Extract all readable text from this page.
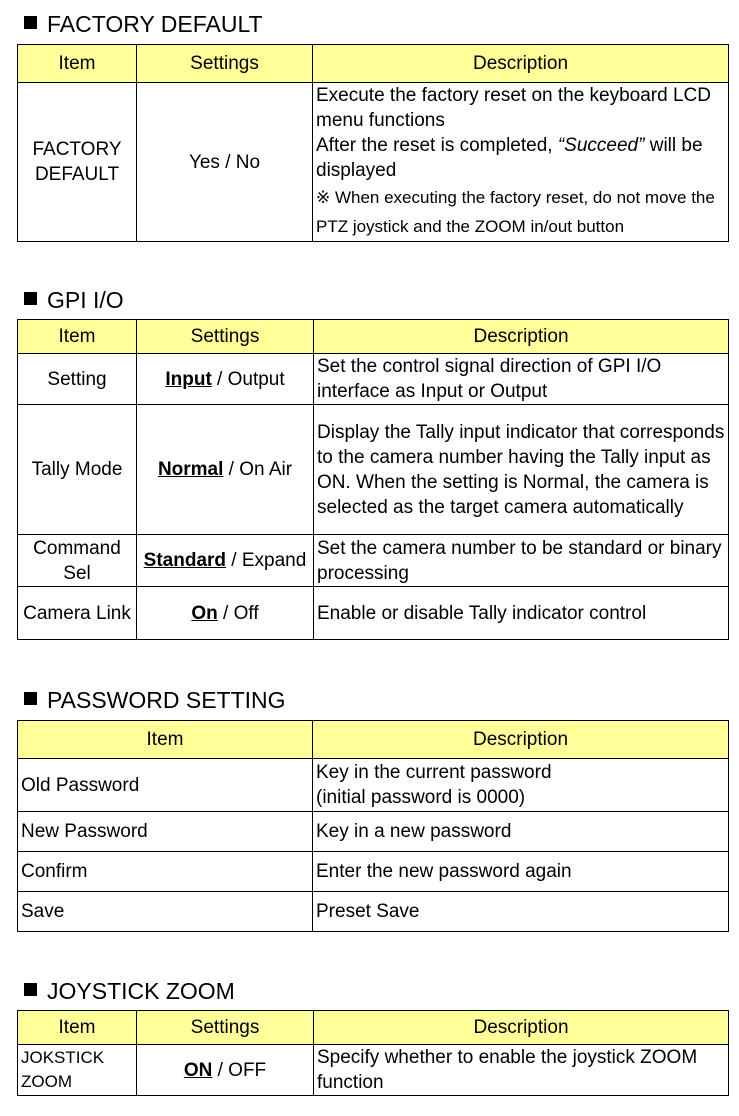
FACTORY DEFAULT
Item	Settings	Description
FACTORY DEFAULT	Yes / No	Execute the factory reset on the keyboard LCD menu functions
After the reset is completed, “Succeed” will be displayed
※ When executing the factory reset, do not move the PTZ joystick and the ZOOM in/out button
GPI I/O
Item	Settings	Description
Setting	Input / Output	Set the control signal direction of GPI I/O interface as Input or Output
Tally Mode	Normal / On Air	Display the Tally input indicator that corresponds to the camera number having the Tally input as ON. When the setting is Normal, the camera is selected as the target camera automatically
Command Sel	Standard / Expand	Set the camera number to be standard or binary processing
Camera Link	On / Off	Enable or disable Tally indicator control
PASSWORD SETTING
Item	Description
Old Password	Key in the current password
(initial password is 0000)

New Password	Key in a new password
Confirm	Enter the new password again
Save	Preset Save
JOYSTICK ZOOM
Item	Settings	Description
JOKSTICK ZOOM	ON / OFF	Specify whether to enable the joystick ZOOM function
